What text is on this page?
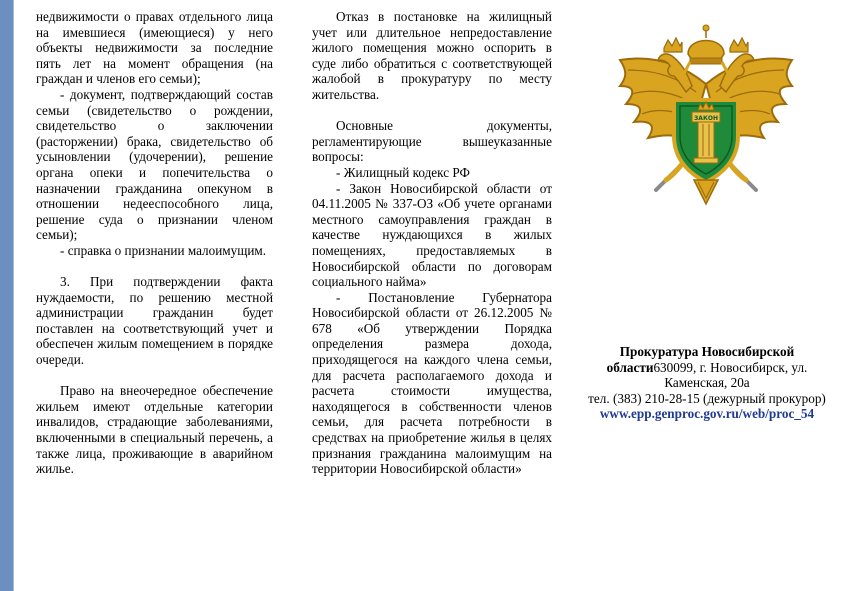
недвижимости о правах отдельного лица на имевшиеся (имеющиеся) у него объекты недвижимости за последние пять лет на момент обращения (на граждан и членов его семьи);

- документ, подтверждающий состав семьи (свидетельство о рождении, свидетельство о заключении (расторжении) брака, свидетельство об усыновлении (удочерении), решение органа опеки и попечительства о назначении гражданина опекуном в отношении недееспособного лица, решение суда о признании членом семьи);

- справка о признании малоимущим.

3. При подтверждении факта нуждаемости, по решению местной администрации гражданин будет поставлен на соответствующий учет и обеспечен жилым помещением в порядке очереди.

Право на внеочередное обеспечение жильем имеют отдельные категории инвалидов, страдающие заболеваниями, включенными в специальный перечень, а также лица, проживающие в аварийном жилье.

Отказ в постановке на жилищный учет или длительное непредоставление жилого помещения можно оспорить в суде либо обратиться с соответствующей жалобой в прокуратуру по месту жительства.

Основные документы, регламентирующие вышеуказанные вопросы:

- Жилищный кодекс РФ

- Закон Новосибирской области от 04.11.2005 № 337-ОЗ «Об учете органами местного самоуправления граждан в качестве нуждающихся в жилых помещениях, предоставляемых в Новосибирской области по договорам социального найма»

- Постановление Губернатора Новосибирской области от 26.12.2005 № 678 «Об утверждении Порядка определения размера дохода, приходящегося на каждого члена семьи, для расчета располагаемого дохода и расчета стоимости имущества, находящегося в собственности членов семьи, для расчета потребности в средствах на приобретение жилья в целях признания гражданина малоимущим на территории Новосибирской области»

ЗАКОН
Прокуратура Новосибирской области630099, г. Новосибирск, ул.
Каменская, 20а
тел. (383) 210-28-15 (дежурный прокурор)
www.epp.genproc.gov.ru/web/proc_54
